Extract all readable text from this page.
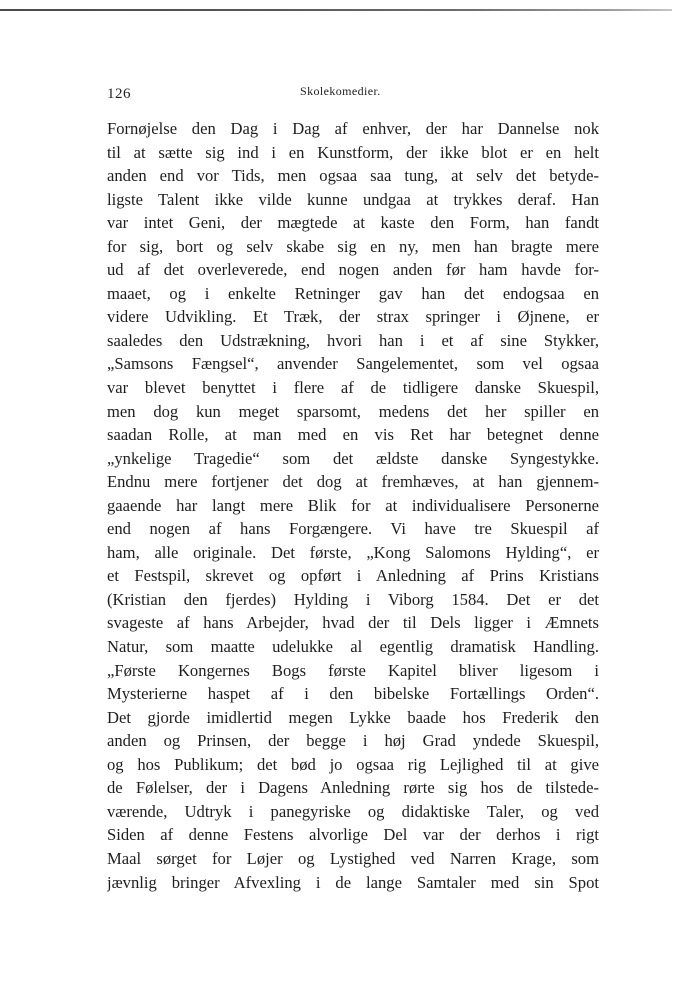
126	Skolekomedier.
Fornøjelse den Dag i Dag af enhver, der har Dannelse nok
til at sætte sig ind i en Kunstform, der ikke blot er en helt
anden end vor Tids, men ogsaa saa tung, at selv det betyde-
ligste Talent ikke vilde kunne undgaa at trykkes deraf. Han
var intet Geni, der mægtede at kaste den Form, han fandt
for sig, bort og selv skabe sig en ny, men han bragte mere
ud af det overleverede, end nogen anden før ham havde for-
maaet, og i enkelte Retninger gav han det endogsaa en
videre Udvikling. Et Træk, der strax springer i Øjnene, er
saaledes den Udstrækning, hvori han i et af sine Stykker,
„Samsons Fængsel“, anvender Sangelementet, som vel ogsaa
var blevet benyttet i flere af de tidligere danske Skuespil,
men dog kun meget sparsomt, medens det her spiller en
saadan Rolle, at man med en vis Ret har betegnet denne
„ynkelige Tragedie“ som det ældste danske Syngestykke.
Endnu mere fortjener det dog at fremhæves, at han gjennem-
gaaende har langt mere Blik for at individualisere Personerne
end nogen af hans Forgængere. Vi have tre Skuespil af
ham, alle originale. Det første, „Kong Salomons Hylding“, er
et Festspil, skrevet og opført i Anledning af Prins Kristians
(Kristian den fjerdes) Hylding i Viborg 1584. Det er det
svageste af hans Arbejder, hvad der til Dels ligger i Æmnets
Natur, som maatte udelukke al egentlig dramatisk Handling.
„Første Kongernes Bogs første Kapitel bliver ligesom i
Mysterierne haspet af i den bibelske Fortællings Orden“.
Det gjorde imidlertid megen Lykke baade hos Frederik den
anden og Prinsen, der begge i høj Grad yndede Skuespil,
og hos Publikum; det bød jo ogsaa rig Lejlighed til at give
de Følelser, der i Dagens Anledning rørte sig hos de tilstede-
værende, Udtryk i panegyriske og didaktiske Taler, og ved
Siden af denne Festens alvorlige Del var der derhos i rigt
Maal sørget for Løjer og Lystighed ved Narren Krage, som
jævnlig bringer Afvexling i de lange Samtaler med sin Spot
